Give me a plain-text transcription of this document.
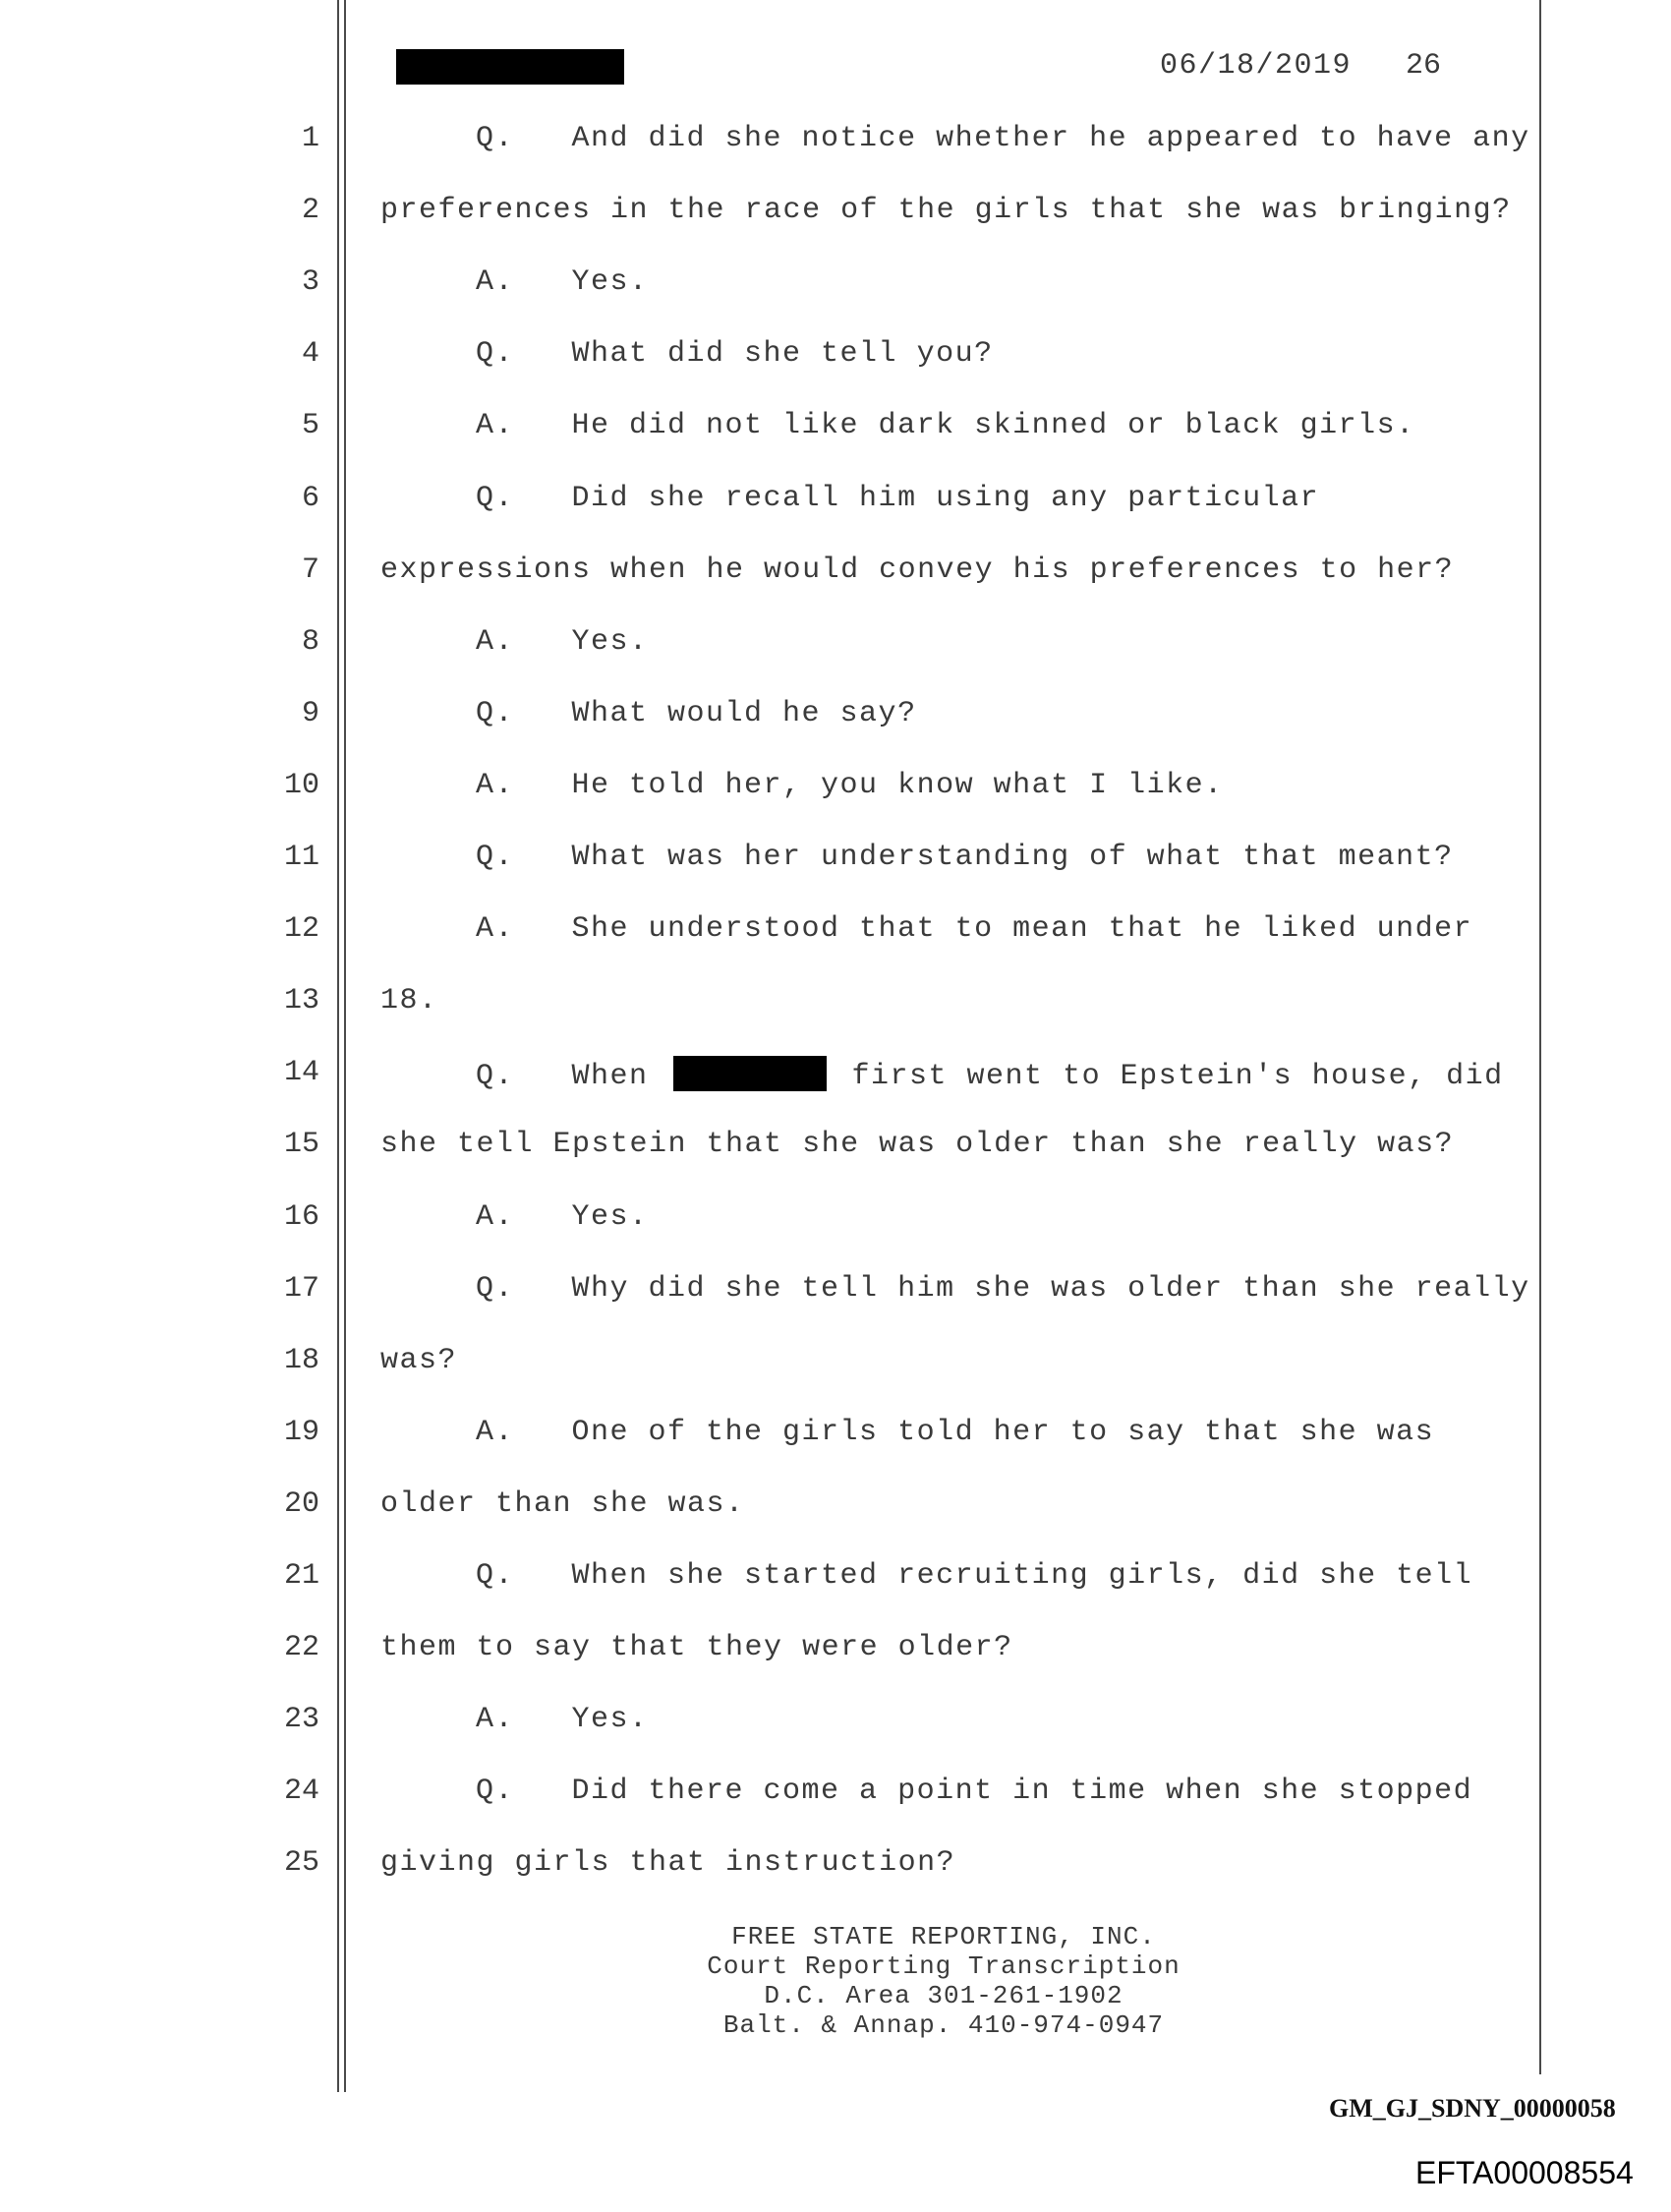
06/18/2019 26
1	Q.   And did she notice whether he appeared to have any
2 preferences in the race of the girls that she was bringing?
3	A.   Yes.
4	Q.   What did she tell you?
5	A.   He did not like dark skinned or black girls.
6	Q.   Did she recall him using any particular
7 expressions when he would convey his preferences to her?
8	A.   Yes.
9	Q.   What would he say?
10	A.   He told her, you know what I like.
11	Q.   What was her understanding of what that meant?
12	A.   She understood that to mean that he liked under
13 18.
14	Q.   When	first went to Epstein's house, did
15 she tell Epstein that she was older than she really was?
16	A.   Yes.
17	Q.   Why did she tell him she was older than she really
18 was?
19	A.   One of the girls told her to say that she was
20 older than she was.
21	Q.   When she started recruiting girls, did she tell
22 them to say that they were older?
23	A.   Yes.
24	Q.   Did there come a point in time when she stopped
25 giving girls that instruction?
FREE STATE REPORTING, INC.
Court Reporting Transcription
D.C. Area 301-261-1902
Balt. & Annap. 410-974-0947
GM_GJ_SDNY_00000058
EFTA00008554
